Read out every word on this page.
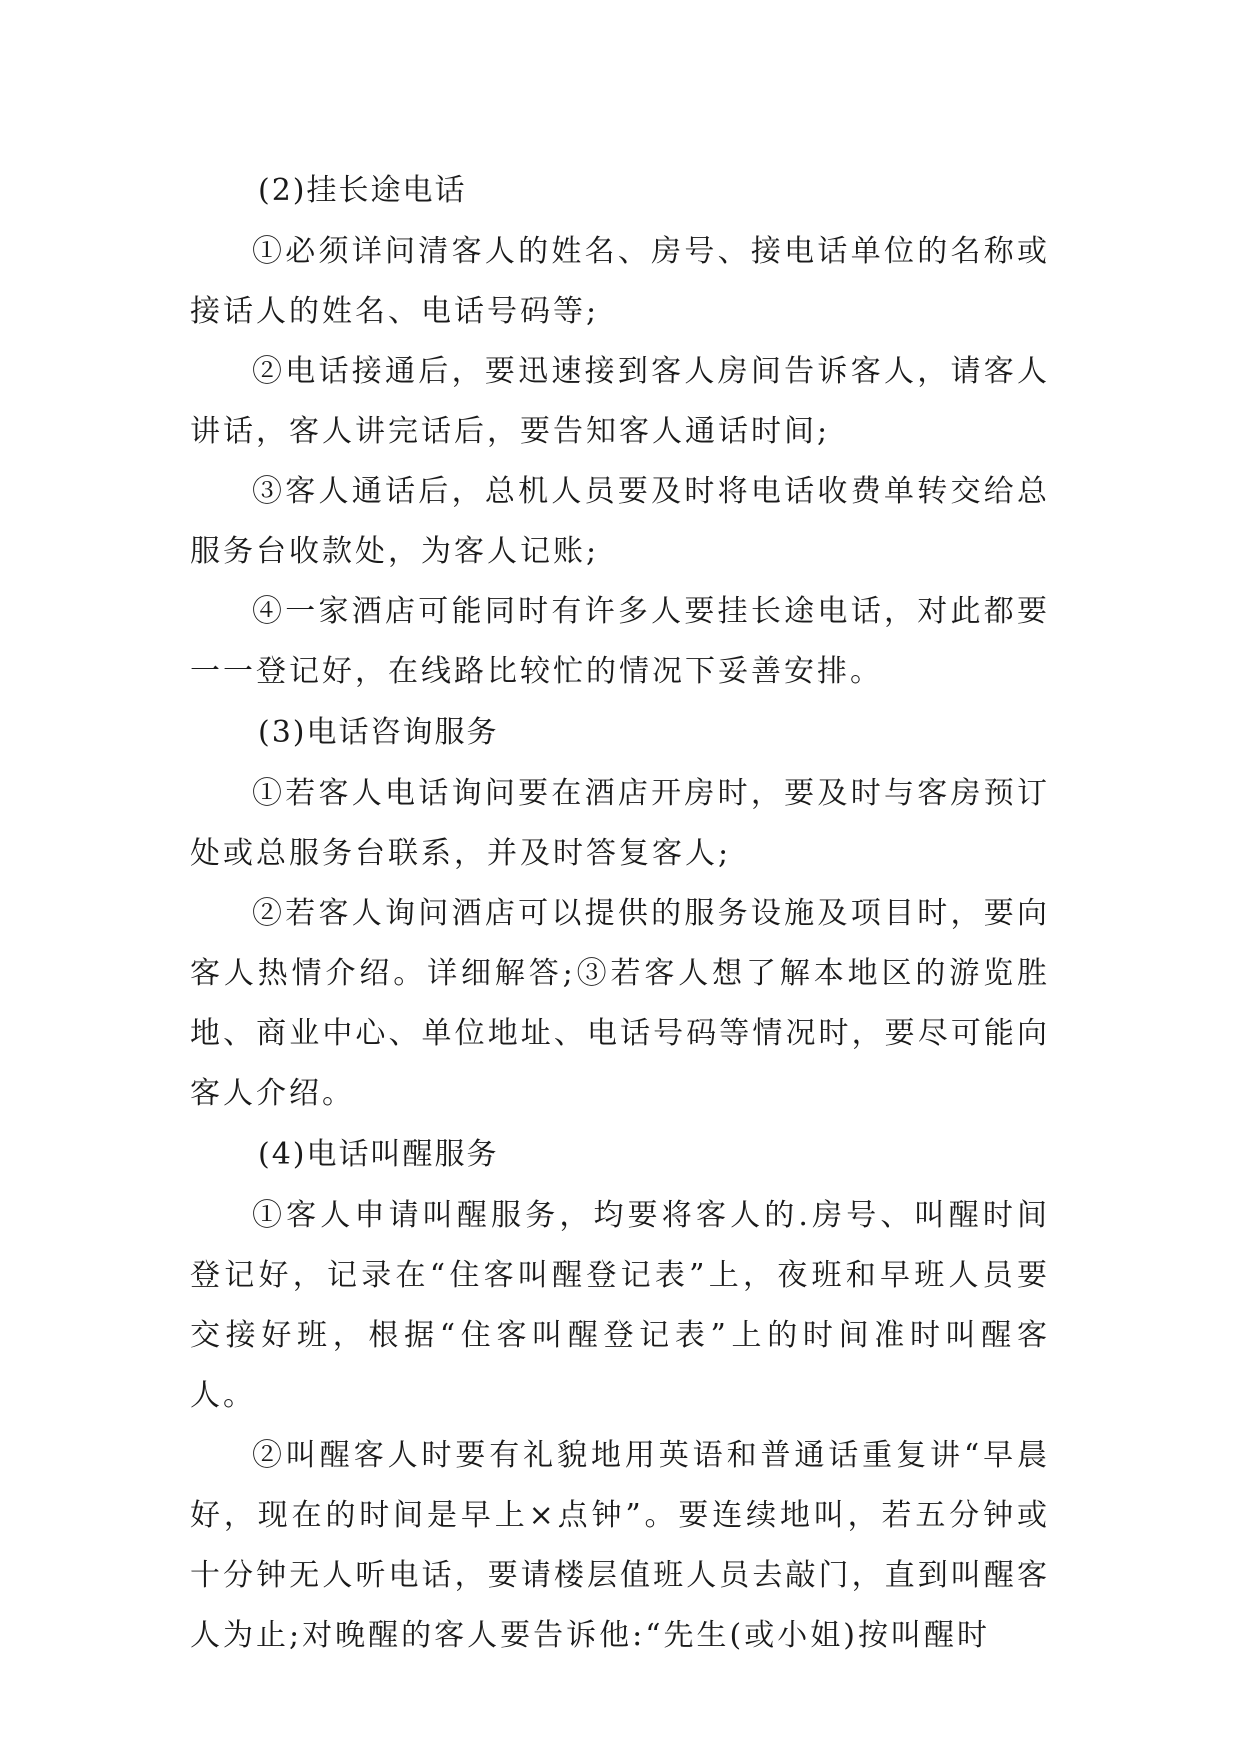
(2)挂长途电话

①必须详问清客人的姓名、房号、接电话单位的名称或接话人的姓名、电话号码等;

②电话接通后，要迅速接到客人房间告诉客人，请客人讲话，客人讲完话后，要告知客人通话时间;

③客人通话后，总机人员要及时将电话收费单转交给总服务台收款处，为客人记账;

④一家酒店可能同时有许多人要挂长途电话，对此都要一一登记好，在线路比较忙的情况下妥善安排。

(3)电话咨询服务

①若客人电话询问要在酒店开房时，要及时与客房预订处或总服务台联系，并及时答复客人;

②若客人询问酒店可以提供的服务设施及项目时，要向客人热情介绍。详细解答;③若客人想了解本地区的游览胜地、商业中心、单位地址、电话号码等情况时，要尽可能向客人介绍。

(4)电话叫醒服务

①客人申请叫醒服务，均要将客人的.房号、叫醒时间登记好，记录在“住客叫醒登记表”上，夜班和早班人员要交接好班，根据“住客叫醒登记表”上的时间准时叫醒客人。

②叫醒客人时要有礼貌地用英语和普通话重复讲“早晨好，现在的时间是早上×点钟”。要连续地叫，若五分钟或十分钟无人听电话，要请楼层值班人员去敲门，直到叫醒客人为止;对晚醒的客人要告诉他:“先生(或小姐)按叫醒时
